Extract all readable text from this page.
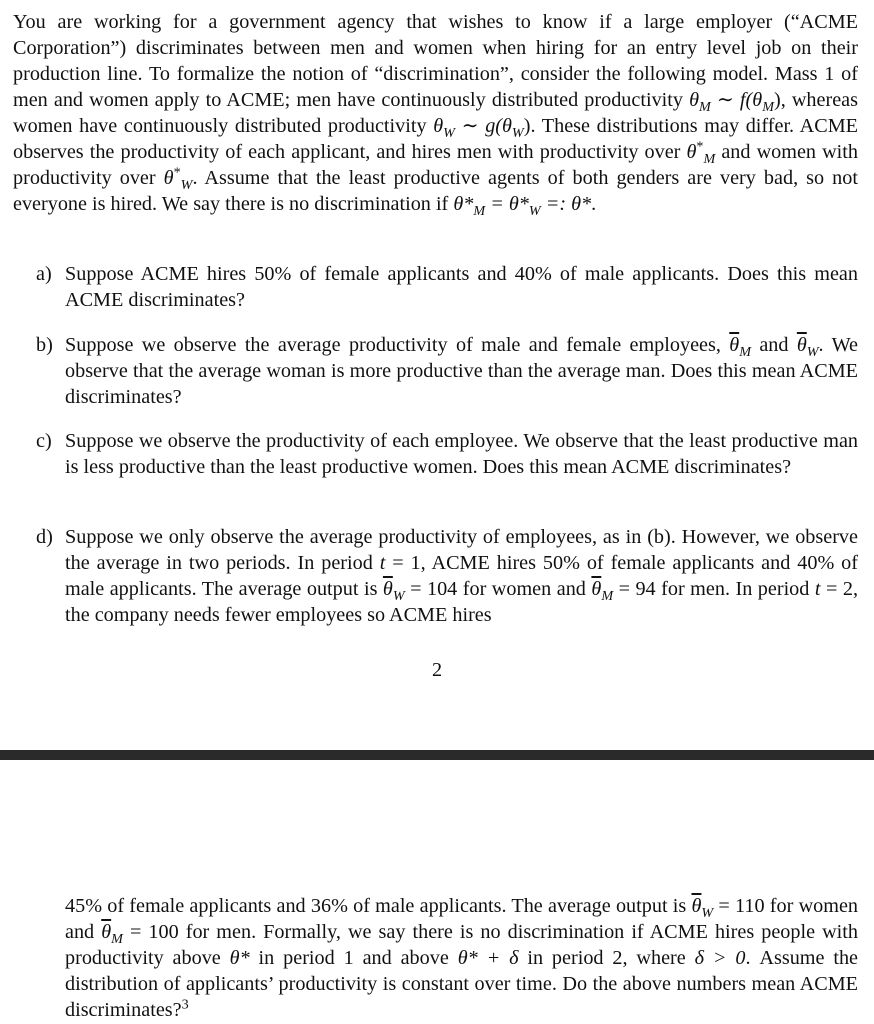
You are working for a government agency that wishes to know if a large employer (“ACME Corporation”) discriminates between men and women when hiring for an entry level job on their production line. To formalize the notion of “discrimination”, consider the following model. Mass 1 of men and women apply to ACME; men have continuously distributed productivity $\theta_M$ ∼ $f(\theta_M)$, whereas women have continuously distributed productivity $\theta_W$ ∼ $g(\theta_W)$. These distributions may differ. ACME observes the productivity of each applicant, and hires men with productivity over $\theta^*_M$ and women with productivity over $\theta^*_W$. Assume that the least productive agents of both genders are very bad, so not everyone is hired. We say there is no discrimination if $\theta*_M = \theta*_W$ =: θ*.

a) Suppose ACME hires 50% of female applicants and 40% of male applicants. Does this mean ACME discriminates?

b) Suppose we observe the average productivity of male and female employees, $\overline{\theta}_M$ and $\overline{\theta}_W$. We observe that the average woman is more productive than the average man. Does this mean ACME discriminates?

c) Suppose we observe the productivity of each employee. We observe that the least productive man is less productive than the least productive women. Does this mean ACME discriminates?

d) Suppose we only observe the average productivity of employees, as in (b). However, we observe the average in two periods. In period t = 1, ACME hires 50% of female applicants and 40% of male applicants. The average output is $\overline{\theta}_W = 104$ for women and $\overline{\theta}_M = 94$ for men. In period t = 2, the company needs fewer employees so ACME hires

2

45% of female applicants and 36% of male applicants. The average output is $\overline{\theta}_W = 110$ for women and $\overline{\theta}_M = 100$ for men. Formally, we say there is no discrimination if ACME hires people with productivity above θ* in period 1 and above θ* + δ in period 2, where δ > 0. Assume the distribution of applicants’ productivity is constant over time. Do the above numbers mean ACME discriminates?$^3$
